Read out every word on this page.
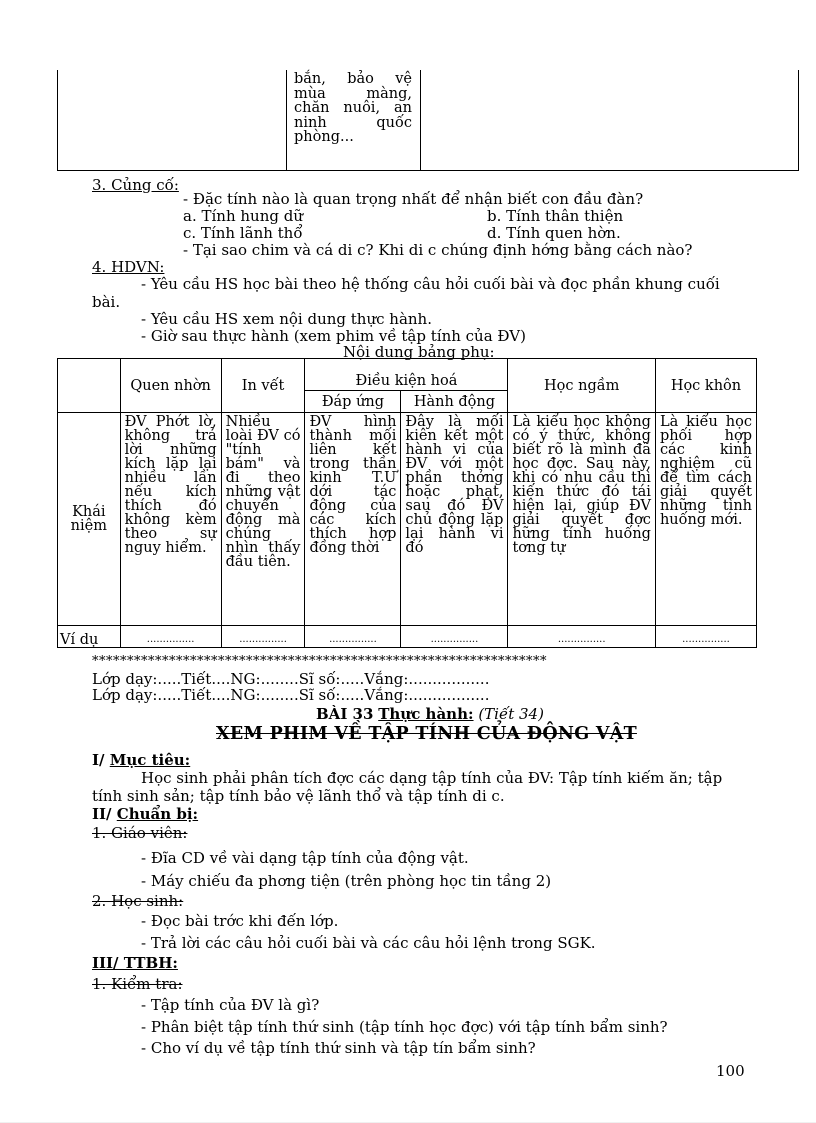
bắn, bảo vệ mùa màng, chăn nuôi, an ninh quốc phòng...
3. Củng cố:
- Đặc tính nào là quan trọng nhất để nhận biết con đầu đàn?
a. Tính hung dữ	b. Tính thân thiện
c. Tính lãnh thổ	d. Tính quen hờn.
- Tại sao chim và cá di c? Khi di c chúng định hớng bằng cách nào?
4. HDVN:
- Yêu cầu HS học bài theo hệ thống câu hỏi cuối bài và đọc phần khung cuối
bài.
- Yêu cầu HS xem nội dung thực hành.
- Giờ sau thực hành (xem phim về tập tính của ĐV)
Nội dung bảng phụ:
	Quen nhờn	In vết	Điều kiện hoá		Học ngầm	Học khôn
			Đáp ứng	Hành động		
Khái niệm	ĐV Phớt lờ, không trả lời những kích lặp lại nhiều lần nếu kích thích đó không kèm theo sự nguy hiểm.	Nhiều loài ĐV có "tính bám" và đi theo những vật chuyển động mà chúng nhìn thấy đầu tiên.	ĐV hình thành mối liên kết trong thần kinh T.Ư dới tác động của các kích thích hợp đồng thời	Đây là mối kiên kết một hành vi của ĐV với một phần thởng hoặc phạt, sau đó ĐV chủ động lặp lại hành vi đó	Là kiểu học không có ý thức, không biết rõ là mình đã học đợc. Sau này, khi có nhu cầu thì kiến thức đó tái hiện lại, giúp ĐV giải quyết đợc hững tính huống tơng tự	Là kiểu học phối hợp các kinh nghiệm cũ để tìm cách giải quyết những tình huống mới.
Ví dụ	...............	...............	...............	...............	...............	...............
*****************************************************************
Lớp dạy:.....Tiết....NG:........Sĩ số:.....Vắng:.................
Lớp dạy:.....Tiết....NG:........Sĩ số:.....Vắng:.................
BÀI 33 Thực hành: (Tiết 34)
XEM PHIM VỀ TẬP TÍNH CỦA ĐỘNG VẬT
I/ Mục tiêu:
Học sinh phải phân tích đợc các dạng tập tính của ĐV: Tập tính kiếm ăn; tập
tính sinh sản; tập tính bảo vệ lãnh thổ và tập tính di c.
II/ Chuẩn bị:
1. Giáo viên:
- Đĩa CD về vài dạng tập tính của động vật.
- Máy chiếu đa phơng tiện (trên phòng học tin tầng 2)
2. Học sinh:
- Đọc bài trớc khi đến lớp.
- Trả lời các câu hỏi cuối bài và các câu hỏi lệnh trong SGK.
III/ TTBH:
1. Kiểm tra:
- Tập tính của ĐV là gì?
- Phân biệt tập tính thứ sinh (tập tính học đợc) với tập tính bẩm sinh?
- Cho ví dụ về tập tính thứ sinh và tập tín bẩm sinh?
100
